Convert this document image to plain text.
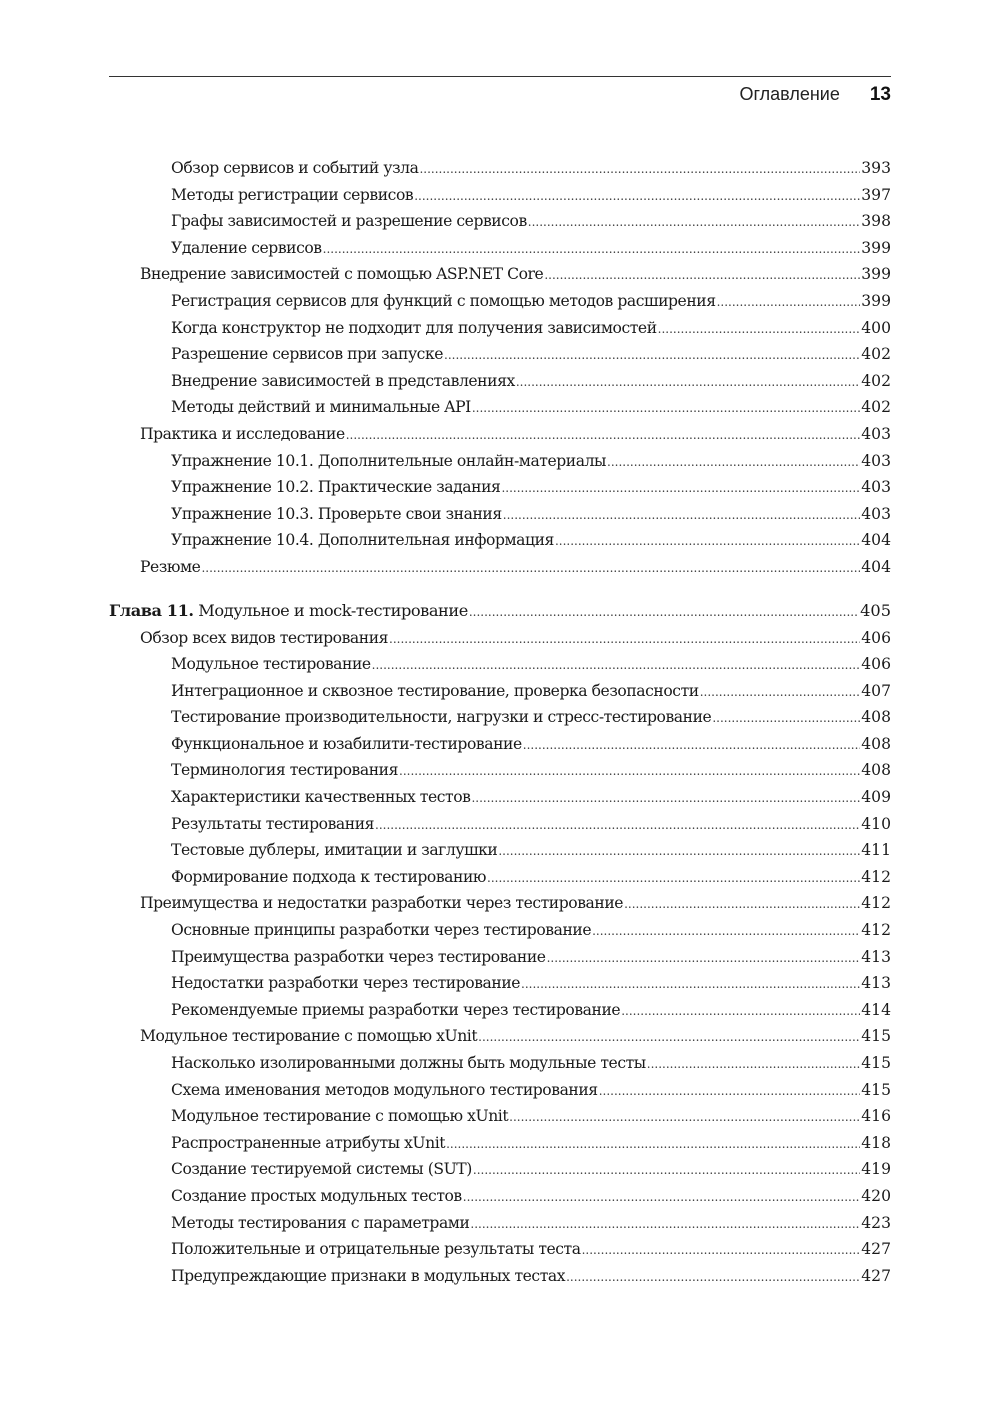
Оглавление 13
Обзор сервисов и событий узла .....	393
Методы регистрации сервисов .....	397
Графы зависимостей и разрешение сервисов .....	398
Удаление сервисов .....	399
Внедрение зависимостей с помощью ASP.NET Core .....	399
Регистрация сервисов для функций с помощью методов расширения .....	399
Когда конструктор не подходит для получения зависимостей .....	400
Разрешение сервисов при запуске .....	402
Внедрение зависимостей в представлениях .....	402
Методы действий и минимальные API .....	402
Практика и исследование .....	403
Упражнение 10.1. Дополнительные онлайн-материалы .....	403
Упражнение 10.2. Практические задания .....	403
Упражнение 10.3. Проверьте свои знания .....	403
Упражнение 10.4. Дополнительная информация .....	404
Резюме .....	404
Глава 11. Модульное и mock-тестирование .....	405
Обзор всех видов тестирования .....	406
Модульное тестирование .....	406
Интеграционное и сквозное тестирование, проверка безопасности .....	407
Тестирование производительности, нагрузки и стресс-тестирование .....	408
Функциональное и юзабилити-тестирование .....	408
Терминология тестирования .....	408
Характеристики качественных тестов .....	409
Результаты тестирования .....	410
Тестовые дублеры, имитации и заглушки .....	411
Формирование подхода к тестированию .....	412
Преимущества и недостатки разработки через тестирование .....	412
Основные принципы разработки через тестирование .....	412
Преимущества разработки через тестирование .....	413
Недостатки разработки через тестирование .....	413
Рекомендуемые приемы разработки через тестирование .....	414
Модульное тестирование с помощью xUnit .....	415
Насколько изолированными должны быть модульные тесты .....	415
Схема именования методов модульного тестирования .....	415
Модульное тестирование с помощью xUnit .....	416
Распространенные атрибуты xUnit .....	418
Создание тестируемой системы (SUT) .....	419
Создание простых модульных тестов .....	420
Методы тестирования с параметрами .....	423
Положительные и отрицательные результаты теста .....	427
Предупреждающие признаки в модульных тестах .....	427
